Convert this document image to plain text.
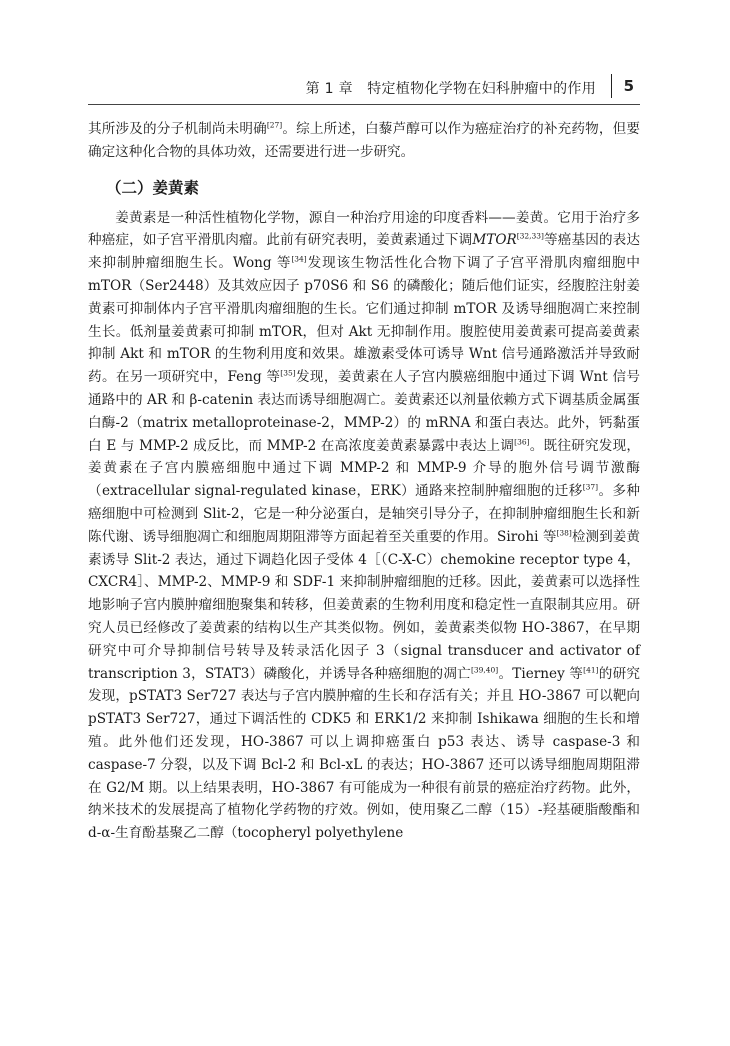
第 1 章　特定植物化学物在妇科肿瘤中的作用 5

其所涉及的分子机制尚未明确[27]。综上所述，白藜芦醇可以作为癌症治疗的补充药物，但要确定这种化合物的具体功效，还需要进行进一步研究。

（二）姜黄素

姜黄素是一种活性植物化学物，源自一种治疗用途的印度香料——姜黄。它用于治疗多种癌症，如子宫平滑肌肉瘤。此前有研究表明，姜黄素通过下调MTOR[32,33]等癌基因的表达来抑制肿瘤细胞生长。Wong 等[34]发现该生物活性化合物下调了子宫平滑肌肉瘤细胞中 mTOR（Ser2448）及其效应因子 p70S6 和 S6 的磷酸化；随后他们证实，经腹腔注射姜黄素可抑制体内子宫平滑肌肉瘤细胞的生长。它们通过抑制 mTOR 及诱导细胞凋亡来控制生长。低剂量姜黄素可抑制 mTOR，但对 Akt 无抑制作用。腹腔使用姜黄素可提高姜黄素抑制 Akt 和 mTOR 的生物利用度和效果。雄激素受体可诱导 Wnt 信号通路激活并导致耐药。在另一项研究中，Feng 等[35]发现，姜黄素在人子宫内膜癌细胞中通过下调 Wnt 信号通路中的 AR 和 β-catenin 表达而诱导细胞凋亡。姜黄素还以剂量依赖方式下调基质金属蛋白酶-2（matrix metalloproteinase-2，MMP-2）的 mRNA 和蛋白表达。此外，钙黏蛋白 E 与 MMP-2 成反比，而 MMP-2 在高浓度姜黄素暴露中表达上调[36]。既往研究发现，姜黄素在子宫内膜癌细胞中通过下调 MMP-2 和 MMP-9 介导的胞外信号调节激酶（extracellular signal-regulated kinase，ERK）通路来控制肿瘤细胞的迁移[37]。多种癌细胞中可检测到 Slit-2，它是一种分泌蛋白，是轴突引导分子，在抑制肿瘤细胞生长和新陈代谢、诱导细胞凋亡和细胞周期阻滞等方面起着至关重要的作用。Sirohi 等[38]检测到姜黄素诱导 Slit-2 表达，通过下调趋化因子受体 4［（C-X-C）chemokine receptor type 4，CXCR4］、MMP-2、MMP-9 和 SDF-1 来抑制肿瘤细胞的迁移。因此，姜黄素可以选择性地影响子宫内膜肿瘤细胞聚集和转移，但姜黄素的生物利用度和稳定性一直限制其应用。研究人员已经修改了姜黄素的结构以生产其类似物。例如，姜黄素类似物 HO-3867，在早期研究中可介导抑制信号转导及转录活化因子 3（signal transducer and activator of transcription 3，STAT3）磷酸化，并诱导各种癌细胞的凋亡[39,40]。Tierney 等[41]的研究发现，pSTAT3 Ser727 表达与子宫内膜肿瘤的生长和存活有关；并且 HO-3867 可以靶向 pSTAT3 Ser727，通过下调活性的 CDK5 和 ERK1/2 来抑制 Ishikawa 细胞的生长和增殖。此外他们还发现，HO-3867 可以上调抑癌蛋白 p53 表达、诱导 caspase-3 和 caspase-7 分裂，以及下调 Bcl-2 和 Bcl-xL 的表达；HO-3867 还可以诱导细胞周期阻滞在 G2/M 期。以上结果表明，HO-3867 有可能成为一种很有前景的癌症治疗药物。此外，纳米技术的发展提高了植物化学药物的疗效。例如，使用聚乙二醇（15）-羟基硬脂酸酯和 d-α-生育酚基聚乙二醇（tocopheryl polyethylene
